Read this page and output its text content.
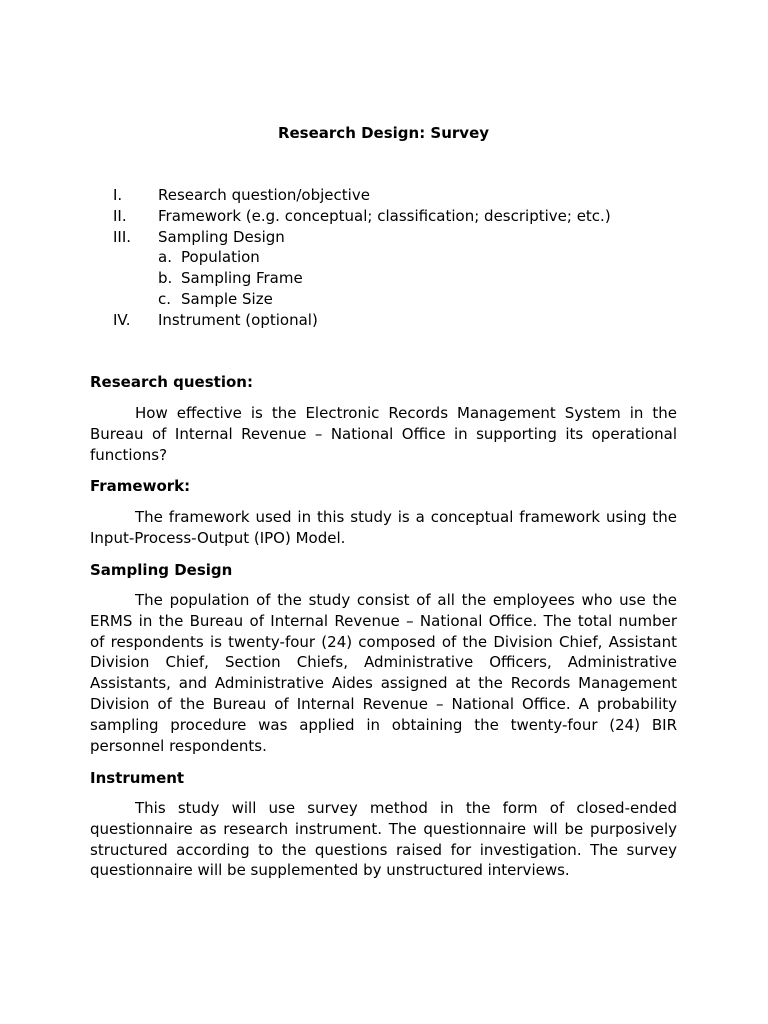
Research Design: Survey
I. Research question/objective
II. Framework (e.g. conceptual; classification; descriptive; etc.)
III. Sampling Design
a. Population
b. Sampling Frame
c. Sample Size
IV. Instrument (optional)
Research question:

How effective is the Electronic Records Management System in the Bureau of Internal Revenue – National Office in supporting its operational functions?

Framework:

The framework used in this study is a conceptual framework using the Input-Process-Output (IPO) Model.

Sampling Design

The population of the study consist of all the employees who use the ERMS in the Bureau of Internal Revenue – National Office. The total number of respondents is twenty-four (24) composed of the Division Chief, Assistant Division Chief, Section Chiefs, Administrative Officers, Administrative Assistants, and Administrative Aides assigned at the Records Management Division of the Bureau of Internal Revenue – National Office. A probability sampling procedure was applied in obtaining the twenty-four (24) BIR personnel respondents.

Instrument

This study will use survey method in the form of closed-ended questionnaire as research instrument. The questionnaire will be purposively structured according to the questions raised for investigation. The survey questionnaire will be supplemented by unstructured interviews.
